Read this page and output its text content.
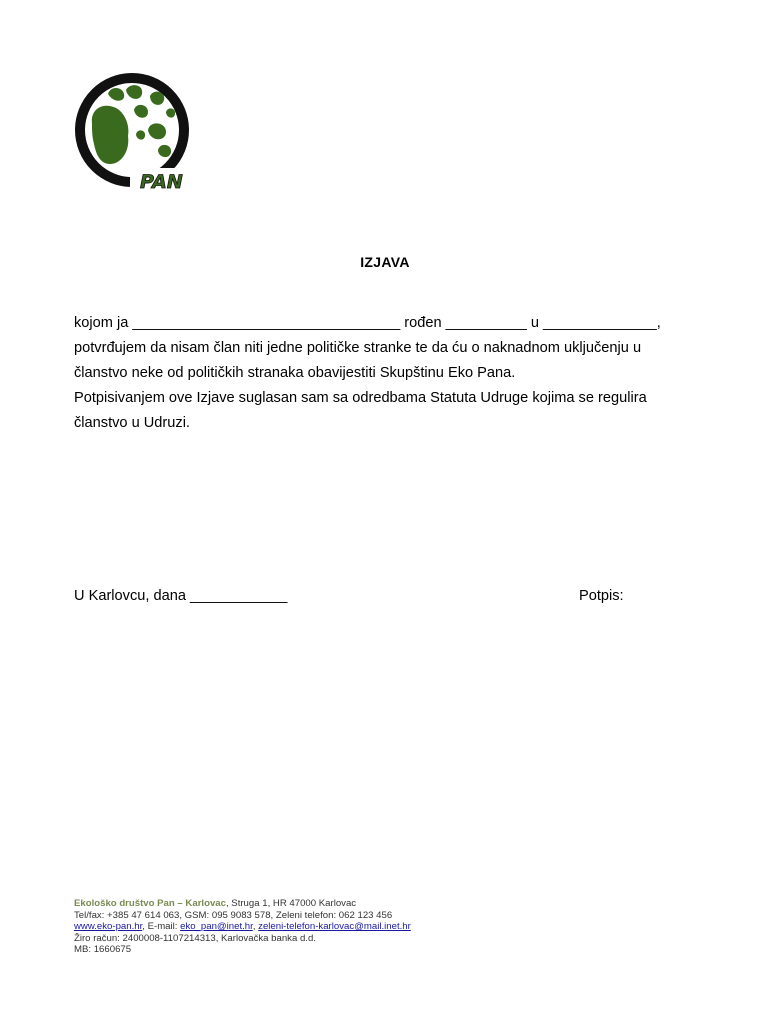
PAN
IZJAVA

kojom ja _________________________________ rođen __________ u ______________,

potvrđujem da nisam član niti jedne političke stranke te da ću o naknadnom uključenju u

članstvo neke od političkih stranaka obavijestiti Skupštinu Eko Pana.

Potpisivanjem ove Izjave suglasan sam sa odredbama Statuta Udruge kojima se regulira

članstvo u Udruzi.

U Karlovcu, dana ____________	Potpis:

Ekološko društvo Pan – Karlovac, Struga 1, HR 47000 Karlovac

Tel/fax: +385 47 614 063, GSM: 095 9083 578, Zeleni telefon: 062 123 456

www.eko-pan.hr, E-mail: eko_pan@inet.hr, zeleni-telefon-karlovac@mail.inet.hr

Žiro račun: 2400008-1107214313, Karlovačka banka d.d.

MB: 1660675
